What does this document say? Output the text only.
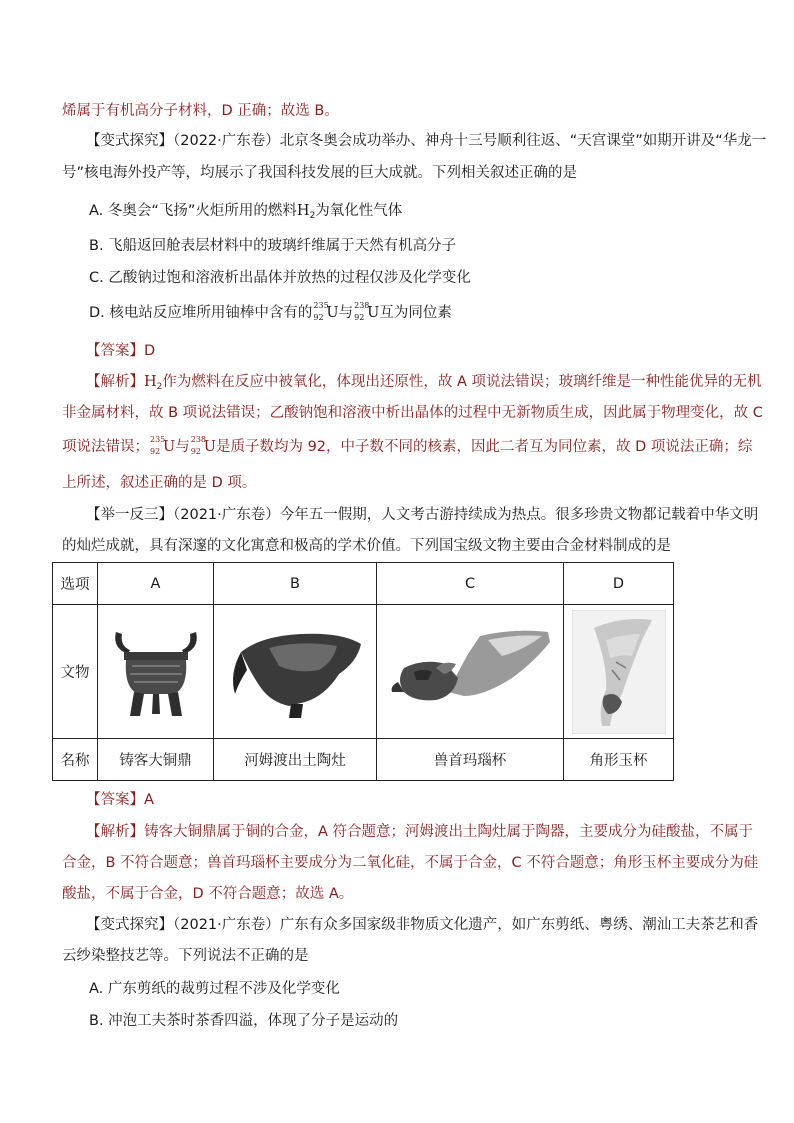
烯属于有机高分子材料，D 正确；故选 B。
【变式探究】（2022·广东卷）北京冬奥会成功举办、神舟十三号顺利往返、“天宫课堂”如期开讲及“华龙一
号”核电海外投产等，均展示了我国科技发展的巨大成就。下列相关叙述正确的是
A. 冬奥会“飞扬”火炬所用的燃料$H_2$为氧化性气体
B. 飞船返回舱表层材料中的玻璃纤维属于天然有机高分子
C. 乙酸钠过饱和溶液析出晶体并放热的过程仅涉及化学变化
D. 核电站反应堆所用铀棒中含有的 235
92 U与 238
92 U互为同位素
【答案】D
【解析】$H_2$作为燃料在反应中被氧化，体现出还原性，故 A 项说法错误；玻璃纤维是一种性能优异的无机
非金属材料，故 B 项说法错误；乙酸钠饱和溶液中析出晶体的过程中无新物质生成，因此属于物理变化，故 C
项说法错误； 235
92 U与 238
92 U是质子数均为 92，中子数不同的核素，因此二者互为同位素，故 D 项说法正确；综
上所述，叙述正确的是 D 项。
【举一反三】（2021·广东卷）今年五一假期，人文考古游持续成为热点。很多珍贵文物都记载着中华文明
的灿烂成就，具有深邃的文化寓意和极高的学术价值。下列国宝级文物主要由合金材料制成的是
选项	A	B	C	D
文物	

名称	铸客大铜鼎	河姆渡出土陶灶	兽首玛瑙杯	角形玉杯
【答案】A
【解析】铸客大铜鼎属于铜的合金，A 符合题意；河姆渡出土陶灶属于陶器，主要成分为硅酸盐，不属于
合金，B 不符合题意；兽首玛瑙杯主要成分为二氧化硅，不属于合金，C 不符合题意；角形玉杯主要成分为硅
酸盐，不属于合金，D 不符合题意；故选 A。
【变式探究】（2021·广东卷）广东有众多国家级非物质文化遗产，如广东剪纸、粤绣、潮汕工夫茶艺和香
云纱染整技艺等。下列说法不正确的是
A. 广东剪纸的裁剪过程不涉及化学变化
B. 冲泡工夫茶时茶香四溢，体现了分子是运动的
